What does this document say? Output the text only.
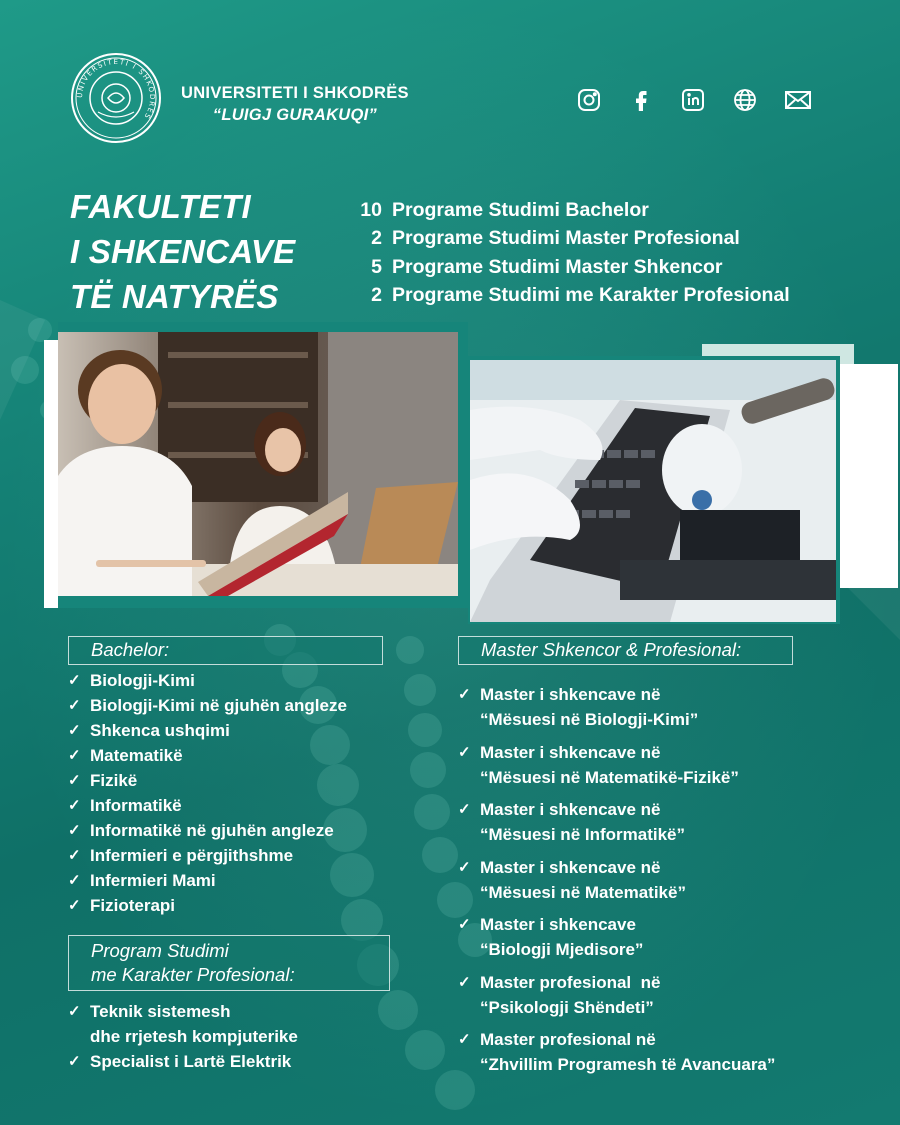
UNIVERSITETI I SHKODRËS
UNIVERSITETI I SHKODRËS
“LUIGJ GURAKUQI”
FAKULTETI
I SHKENCAVE
TË NATYRËS
10 Programe Studimi Bachelor
2 Programe Studimi Master Profesional
5 Programe Studimi Master Shkencor
2 Programe Studimi me Karakter Profesional
Bachelor:
✓ Biologji-Kimi
✓ Biologji-Kimi në gjuhën angleze
✓ Shkenca ushqimi
✓ Matematikë
✓ Fizikë
✓ Informatikë
✓ Informatikë në gjuhën angleze
✓ Infermieri e përgjithshme
✓ Infermieri Mami
✓ Fizioterapi
Program Studimi
me Karakter Profesional:
✓ Teknik sistemesh
dhe rrjetesh kompjuterike
✓ Specialist i Lartë Elektrik
Master Shkencor & Profesional:
✓ Master i shkencave në
“Mësuesi në Biologji-Kimi”
✓ Master i shkencave në
“Mësuesi në Matematikë-Fizikë”
✓ Master i shkencave në
“Mësuesi në Informatikë”
✓ Master i shkencave në
“Mësuesi në Matematikë”
✓ Master i shkencave
“Biologji Mjedisore”
✓ Master profesional  në
“Psikologji Shëndeti”
✓ Master profesional në
“Zhvillim Programesh të Avancuara”
